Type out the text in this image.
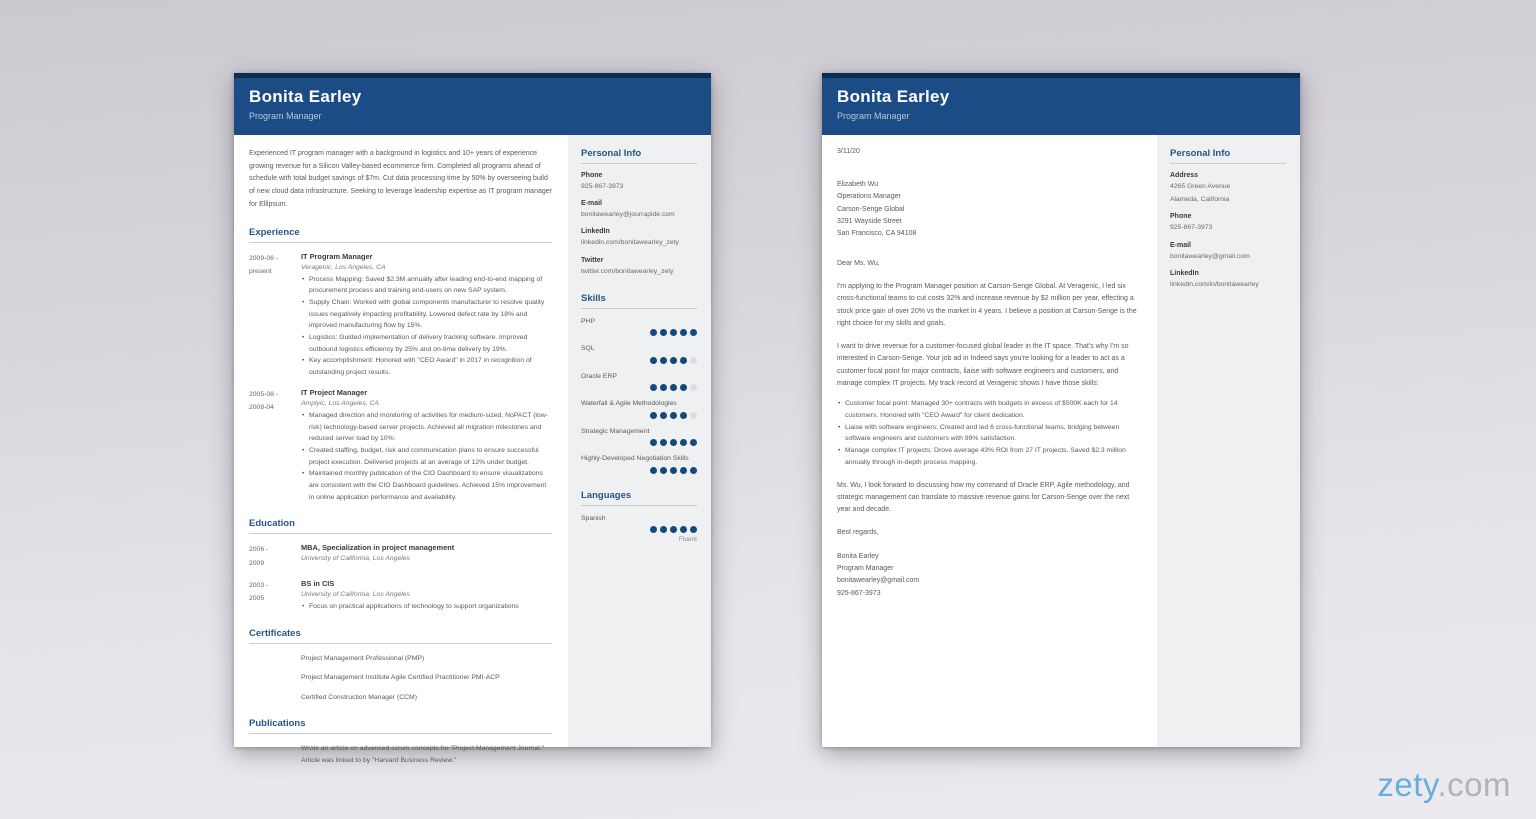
Bonita Earley
Program Manager
Experienced IT program manager with a background in logistics and 10+ years of experience growing revenue for a Silicon Valley-based ecommerce firm. Completed all programs ahead of schedule with total budget savings of $7m. Cut data processing time by 50% by overseeing build of new cloud data infrastructure. Seeking to leverage leadership expertise as IT program manager for Ellipsum.
Experience
2009-06 -
present
IT Program Manager
Veragenic, Los Angeles, CA
• Process Mapping: Saved $2.3M annually after leading end-to-end mapping of procurement process and training end-users on new SAP system.
• Supply Chain: Worked with global components manufacturer to resolve quality issues negatively impacting profitability. Lowered defect rate by 18% and improved manufacturing flow by 15%.
• Logistics: Guided implementation of delivery tracking software. Improved outbound logistics efficiency by 25% and on-time delivery by 19%.
• Key accomplishment: Honored with "CEO Award" in 2017 in recognition of outstanding project results.
2005-08 -
2008-04
IT Project Manager
Amplyic, Los Angeles, CA
• Managed direction and monitoring of activities for medium-sized, NoPACT (low-risk) technology-based server projects. Achieved all migration milestones and reduced server load by 10%.
• Created staffing, budget, risk and communication plans to ensure successful project execution. Delivered projects at an average of 12% under budget.
• Maintained monthly publication of the CIO Dashboard to ensure visualizations are consistent with the CIO Dashboard guidelines. Achieved 15% improvement in online application performance and availability.
Education
2006 -
2009
MBA, Specialization in project management
University of California, Los Angeles
2003 -
2005
BS in CIS
University of California, Los Angeles
• Focus on practical applications of technology to support organizations
Certificates
Project Management Professional (PMP)
Project Management Institute Agile Certified Practitioner PMI-ACP
Certified Construction Manager (CCM)
Publications
Wrote an article on advanced scrum concepts for "Project Management Journal." Article was linked to by "Harvard Business Review."
Personal Info
Phone
925-867-3973
E-mail
bonitawearley@jourrapide.com
LinkedIn
linkedin.com/bonitawearley_zety
Twitter
twitter.com/bonitawearley_zety
Skills
PHP
SQL
Oracle ERP
Waterfall & Agile Methodologies
Strategic Management
Highly-Developed Negotiation Skills
Languages
Spanish
Fluent
Bonita Earley
Program Manager
3/11/20
Elizabeth Wu
Operations Manager
Carson-Senge Global
3291 Wayside Street
San Francisco, CA 94108
Dear Ms. Wu,
I'm applying to the Program Manager position at Carson-Senge Global. At Veragenic, I led six cross-functional teams to cut costs 32% and increase revenue by $2 million per year, effecting a stock price gain of over 20% vs the market in 4 years. I believe a position at Carson-Senge is the right choice for my skills and goals.
I want to drive revenue for a customer-focused global leader in the IT space. That's why I'm so interested in Carson-Senge. Your job ad in Indeed says you're looking for a leader to act as a customer focal point for major contracts, liaise with software engineers and customers, and manage complex IT projects. My track record at Veragenic shows I have those skills:
• Customer focal point: Managed 30+ contracts with budgets in excess of $500K each for 14 customers. Honored with "CEO Award" for client dedication.
• Liaise with software engineers: Created and led 6 cross-functional teams, bridging between software engineers and customers with 99% satisfaction.
• Manage complex IT projects: Drove average 43% ROI from 27 IT projects. Saved $2.3 million annually through in-depth process mapping.
Ms. Wu, I look forward to discussing how my command of Oracle ERP, Agile methodology, and strategic management can translate to massive revenue gains for Carson-Senge over the next year and decade.
Best regards,
Bonita Earley
Program Manager
bonitawearley@gmail.com
925-867-3973
Personal Info
Address
4265 Green Avenue
Alameda, California
Phone
925-867-3973
E-mail
bonitawearley@gmail.com
LinkedIn
linkedin.com/in/bonitawearley
zety.com
